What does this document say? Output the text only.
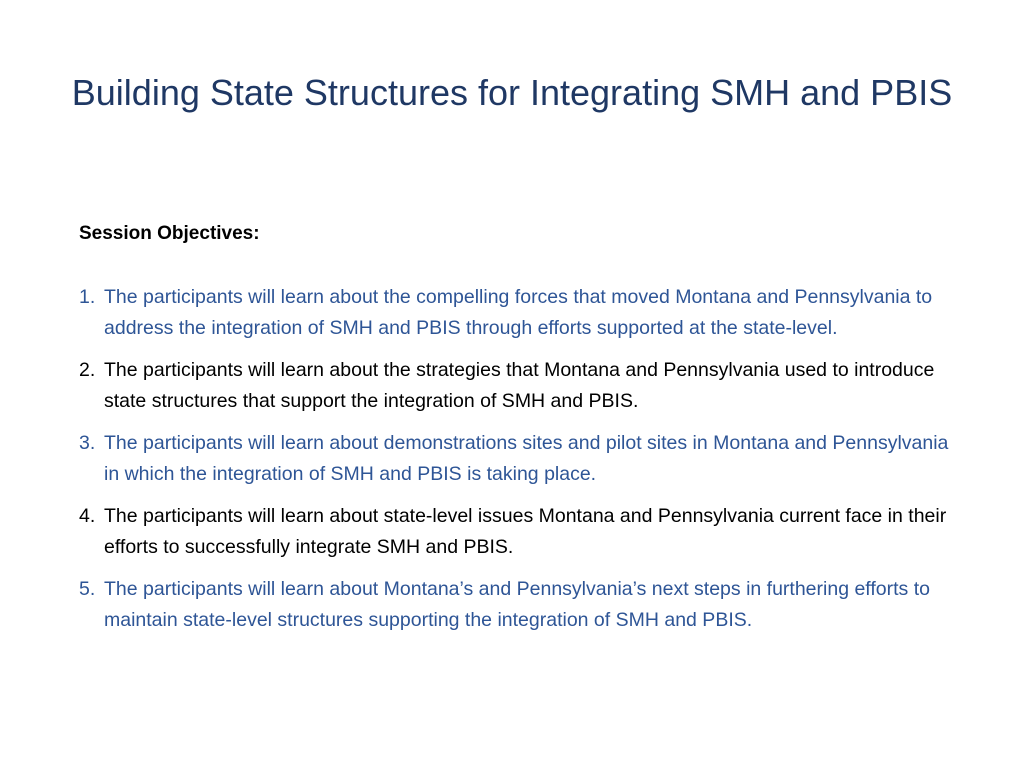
Building State Structures for Integrating SMH and PBIS

Session Objectives:

1. The participants will learn about the compelling forces that moved Montana and Pennsylvania to address the integration of SMH and PBIS through efforts supported at the state-level.
2. The participants will learn about the strategies that Montana and Pennsylvania used to introduce state structures that support the integration of SMH and PBIS.
3. The participants will learn about demonstrations sites and pilot sites in Montana and Pennsylvania in which the integration of SMH and PBIS is taking place.
4. The participants will learn about state-level issues Montana and Pennsylvania current face in their efforts to successfully integrate SMH and PBIS.
5. The participants will learn about Montana’s and Pennsylvania’s next steps in furthering efforts to maintain state-level structures supporting the integration of SMH and PBIS.
